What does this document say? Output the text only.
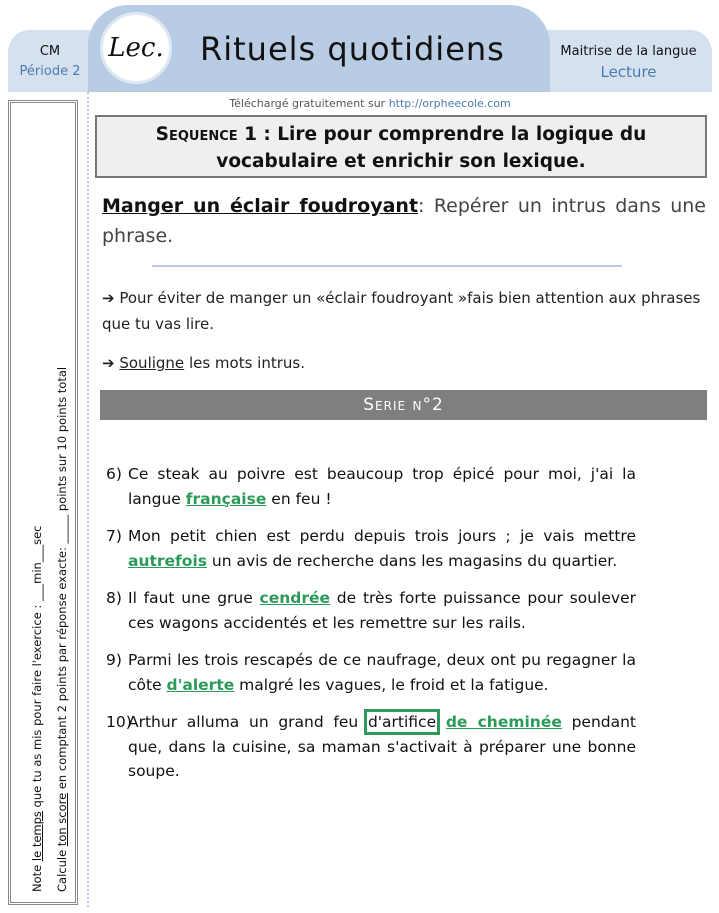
Lec. Rituels quotidiens
CM
Période 2
Maitrise de la langue
Lecture
Note le temps que tu as mis pour faire l'exercice : ___min___sec
Calcule ton score en comptant 2 points par réponse exacte: _____ points sur 10 points total
Téléchargé gratuitement sur http://orpheecole.com
Sequence 1 : Lire pour comprendre la logique du vocabulaire et enrichir son lexique.
Manger un éclair foudroyant: Repérer un intrus dans une phrase.
➔ Pour éviter de manger un «éclair foudroyant »fais bien attention aux phrases que tu vas lire.
➔ Souligne les mots intrus.
Serie n°2
6) Ce steak au poivre est beaucoup trop épicé pour moi, j'ai la langue française en feu !
7) Mon petit chien est perdu depuis trois jours ; je vais mettre autrefois un avis de recherche dans les magasins du quartier.
8) Il faut une grue cendrée de très forte puissance pour soulever ces wagons accidentés et les remettre sur les rails.
9) Parmi les trois rescapés de ce naufrage, deux ont pu regagner la côte d'alerte malgré les vagues, le froid et la fatigue.
10)
Arthur alluma un grand feu d'artifice de cheminée pendant que, dans la cuisine, sa maman s'activait à préparer une bonne soupe.
